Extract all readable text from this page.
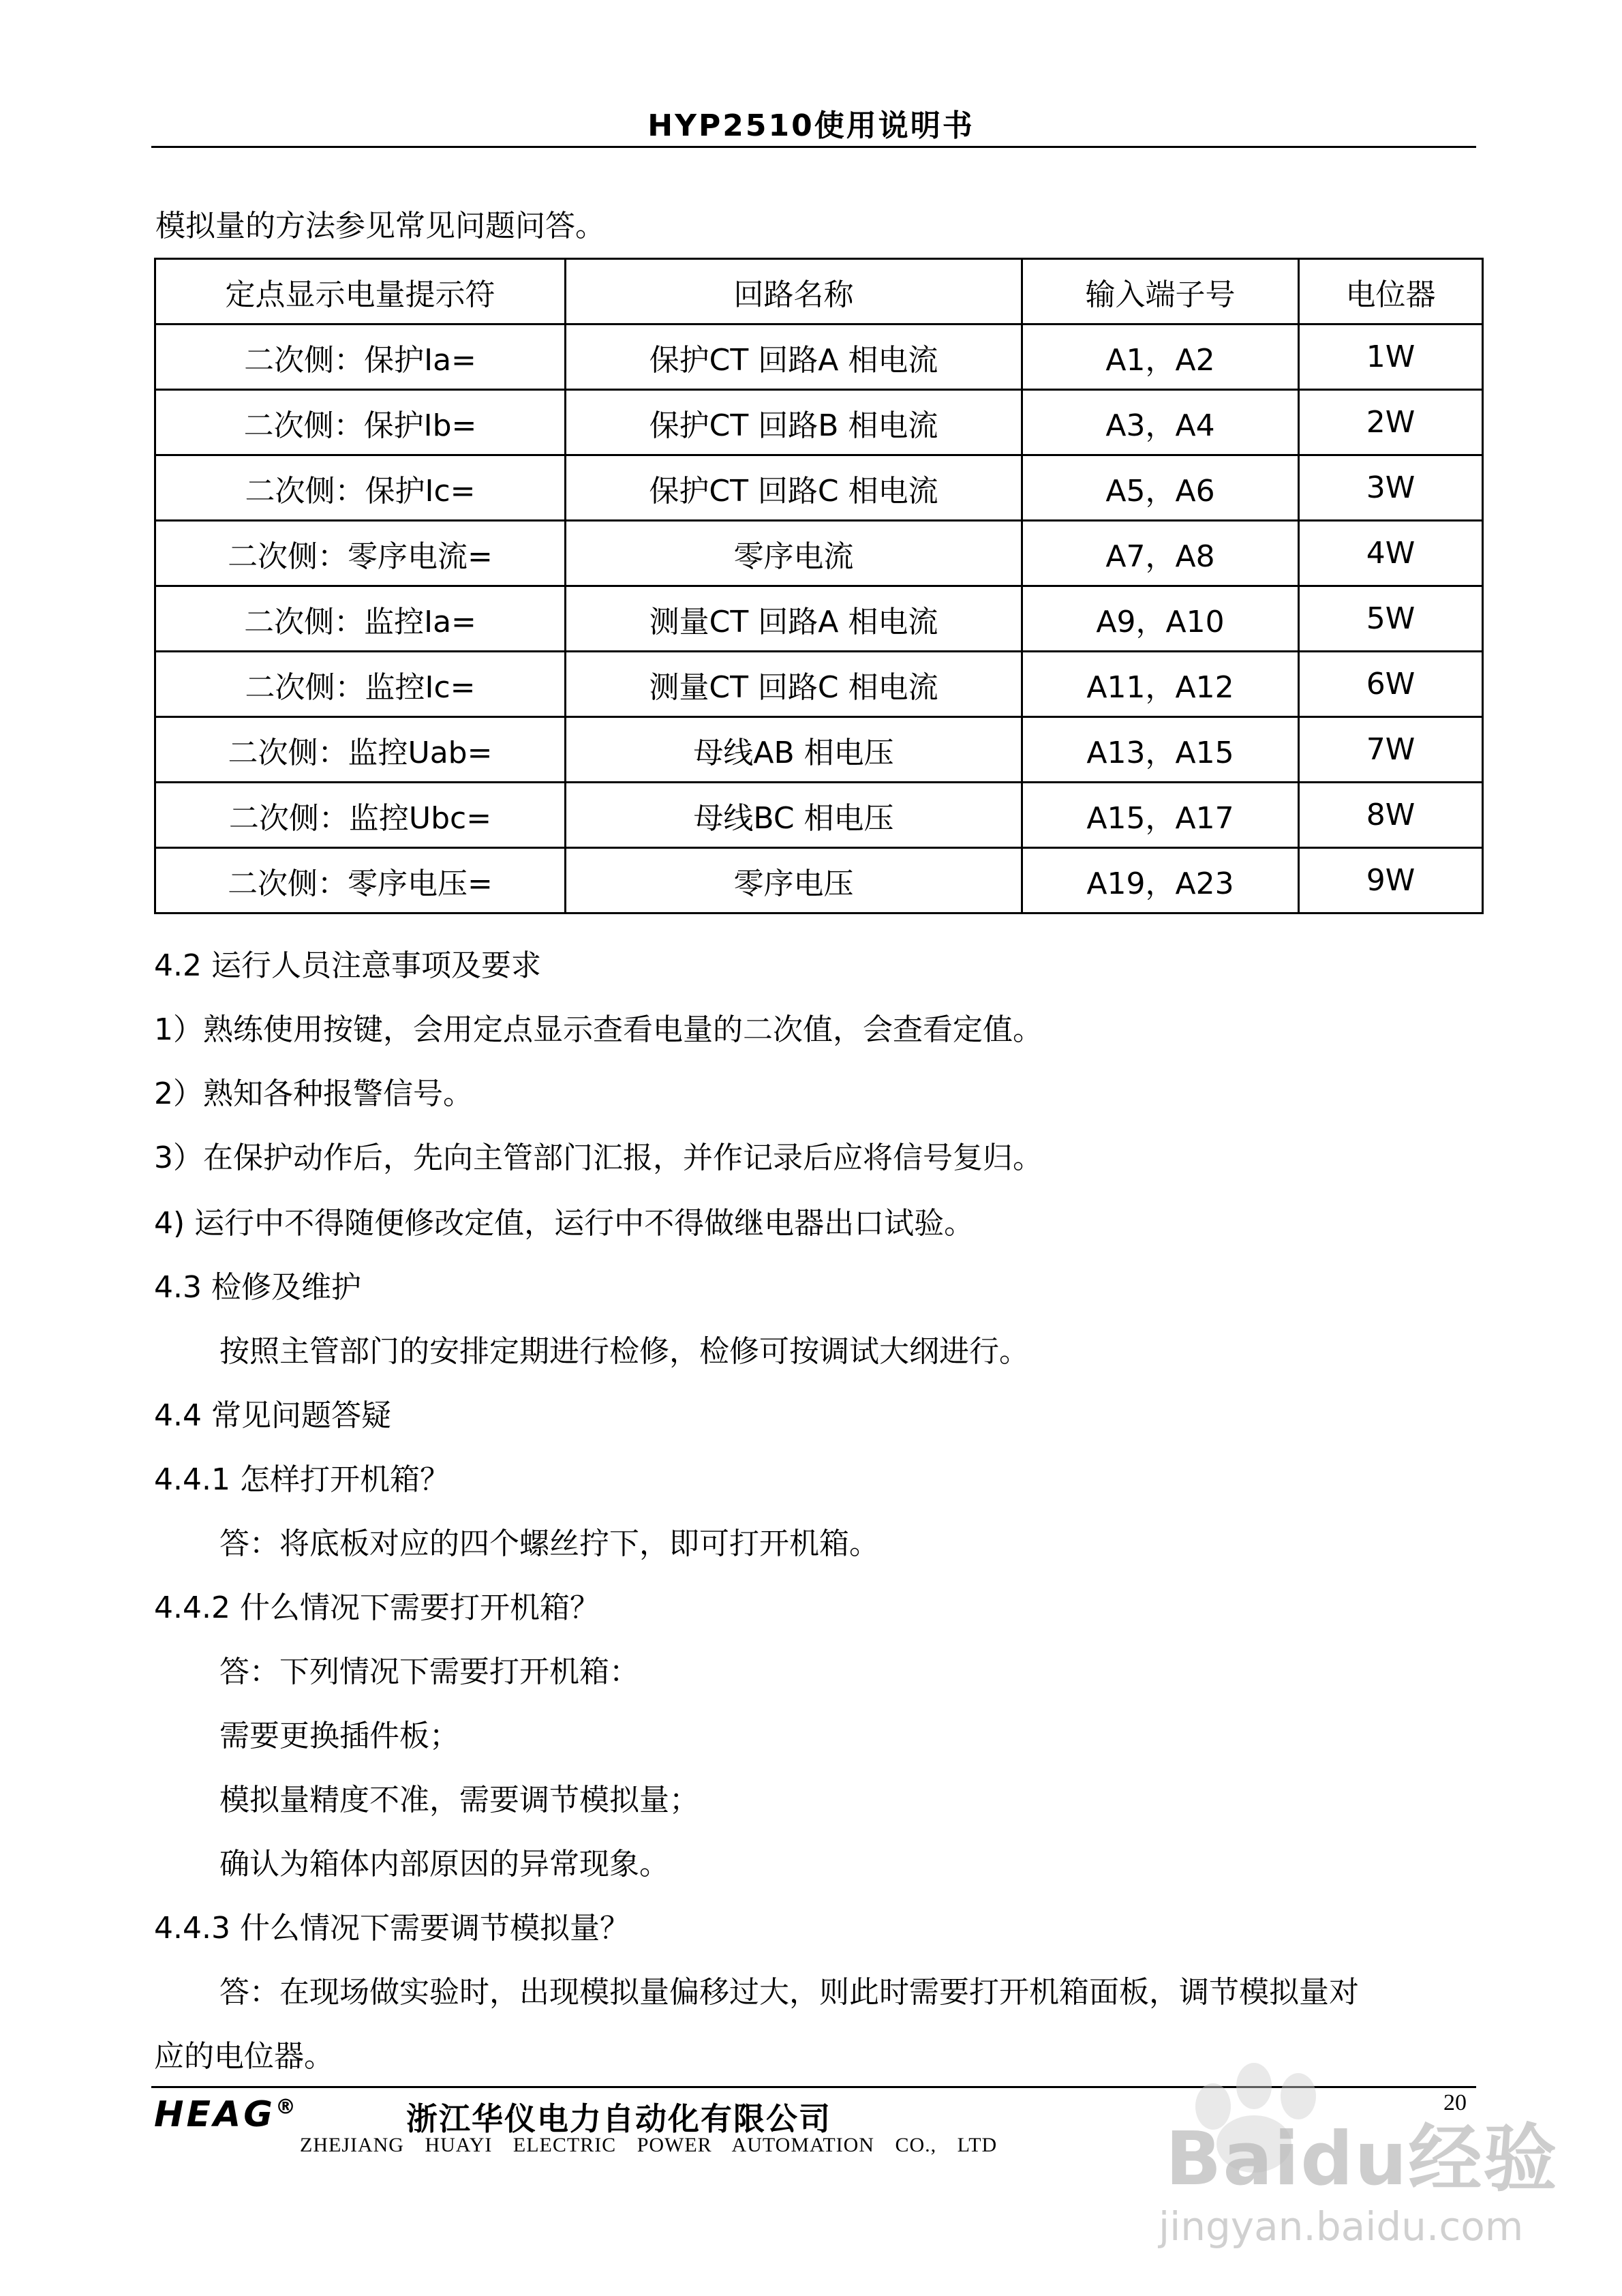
HYP2510使用说明书
模拟量的方法参见常见问题问答。
定点显示电量提示符	回路名称	输入端子号	电位器
二次侧：保护Ia=	保护CT 回路A 相电流	A1，A2	1W
二次侧：保护Ib=	保护CT 回路B 相电流	A3，A4	2W
二次侧：保护Ic=	保护CT 回路C 相电流	A5，A6	3W
二次侧：零序电流=	零序电流	A7，A8	4W
二次侧：监控Ia=	测量CT 回路A 相电流	A9，A10	5W
二次侧：监控Ic=	测量CT 回路C 相电流	A11，A12	6W
二次侧：监控Uab=	母线AB 相电压	A13，A15	7W
二次侧：监控Ubc=	母线BC 相电压	A15，A17	8W
二次侧：零序电压=	零序电压	A19，A23	9W
4.2 运行人员注意事项及要求
1）熟练使用按键，会用定点显示查看电量的二次值，会查看定值。
2）熟知各种报警信号。
3）在保护动作后，先向主管部门汇报，并作记录后应将信号复归。
4) 运行中不得随便修改定值，运行中不得做继电器出口试验。
4.3 检修及维护
按照主管部门的安排定期进行检修，检修可按调试大纲进行。
4.4 常见问题答疑
4.4.1 怎样打开机箱？
答：将底板对应的四个螺丝拧下，即可打开机箱。
4.4.2 什么情况下需要打开机箱？
答：下列情况下需要打开机箱：
需要更换插件板；
模拟量精度不准，需要调节模拟量；
确认为箱体内部原因的异常现象。
4.4.3 什么情况下需要调节模拟量？
答：在现场做实验时，出现模拟量偏移过大，则此时需要打开机箱面板，调节模拟量对
应的电位器。
20
HEAG®	浙江华仪电力自动化有限公司
ZHEJIANG HUAYI ELECTRIC POWER AUTOMATION CO., LTD Baidu经验
jingyan.baidu.com
